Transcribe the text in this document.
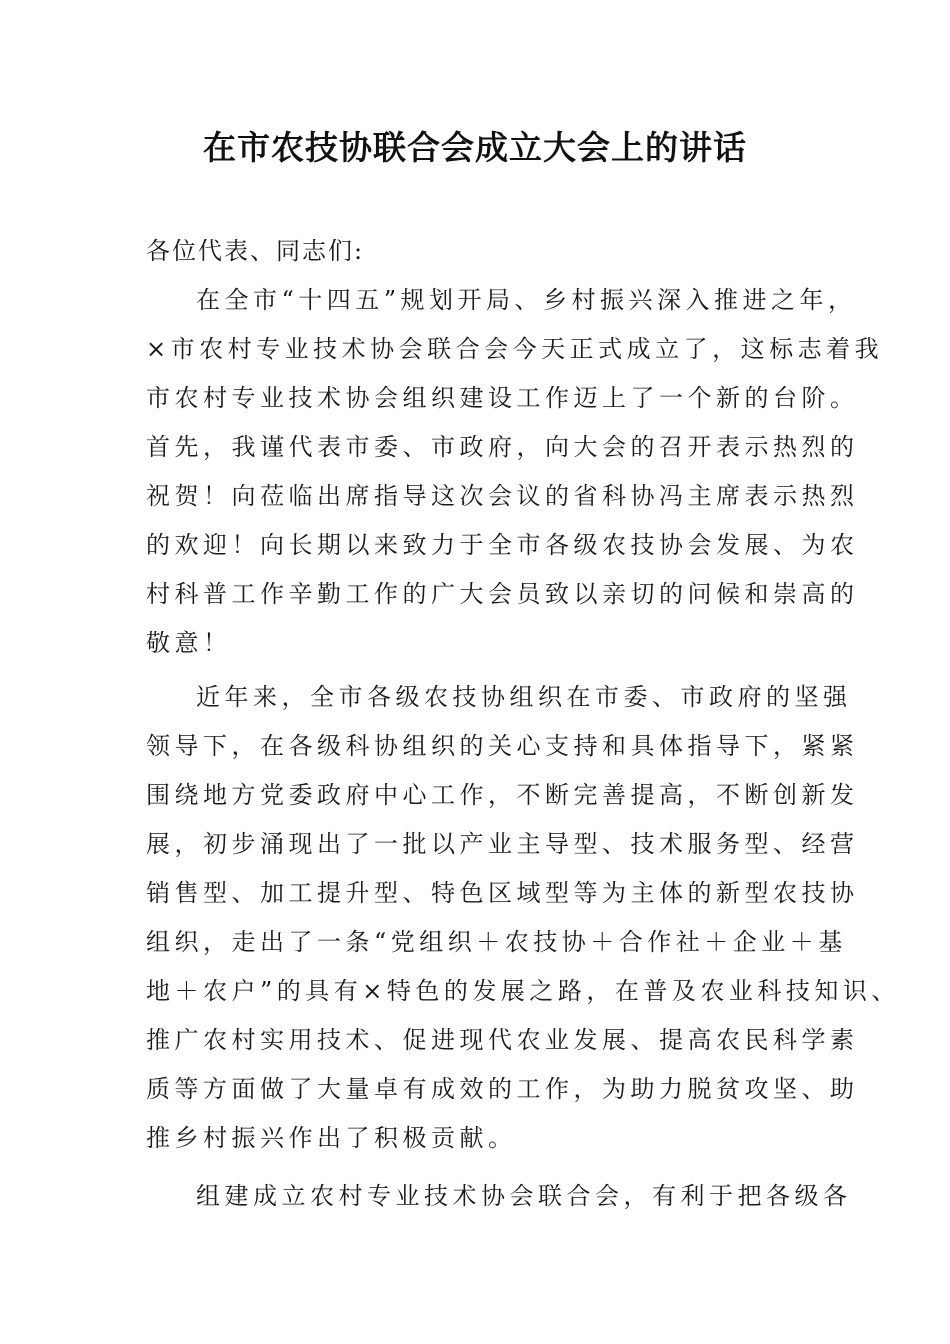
在市农技协联合会成立大会上的讲话
各位代表、同志们:
在全市“十四五”规划开局、乡村振兴深入推进之年，
×市农村专业技术协会联合会今天正式成立了，这标志着我
市农村专业技术协会组织建设工作迈上了一个新的台阶。
首先，我谨代表市委、市政府，向大会的召开表示热烈的
祝贺！向莅临出席指导这次会议的省科协冯主席表示热烈
的欢迎！向长期以来致力于全市各级农技协会发展、为农
村科普工作辛勤工作的广大会员致以亲切的问候和崇高的
敬意！
近年来，全市各级农技协组织在市委、市政府的坚强
领导下，在各级科协组织的关心支持和具体指导下，紧紧
围绕地方党委政府中心工作，不断完善提高，不断创新发
展，初步涌现出了一批以产业主导型、技术服务型、经营
销售型、加工提升型、特色区域型等为主体的新型农技协
组织，走出了一条“党组织＋农技协＋合作社＋企业＋基
地＋农户”的具有×特色的发展之路，在普及农业科技知识、
推广农村实用技术、促进现代农业发展、提高农民科学素
质等方面做了大量卓有成效的工作，为助力脱贫攻坚、助
推乡村振兴作出了积极贡献。
组建成立农村专业技术协会联合会，有利于把各级各
